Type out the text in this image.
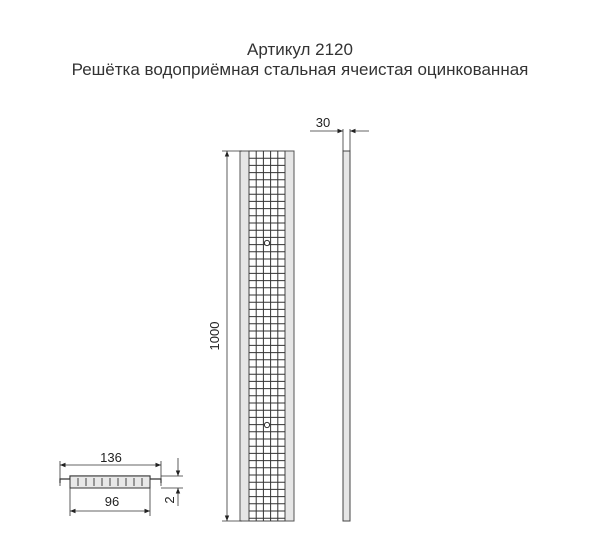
Артикул 2120
Решётка водоприёмная стальная ячеистая оцинкованная
1000
30
136
96	2
